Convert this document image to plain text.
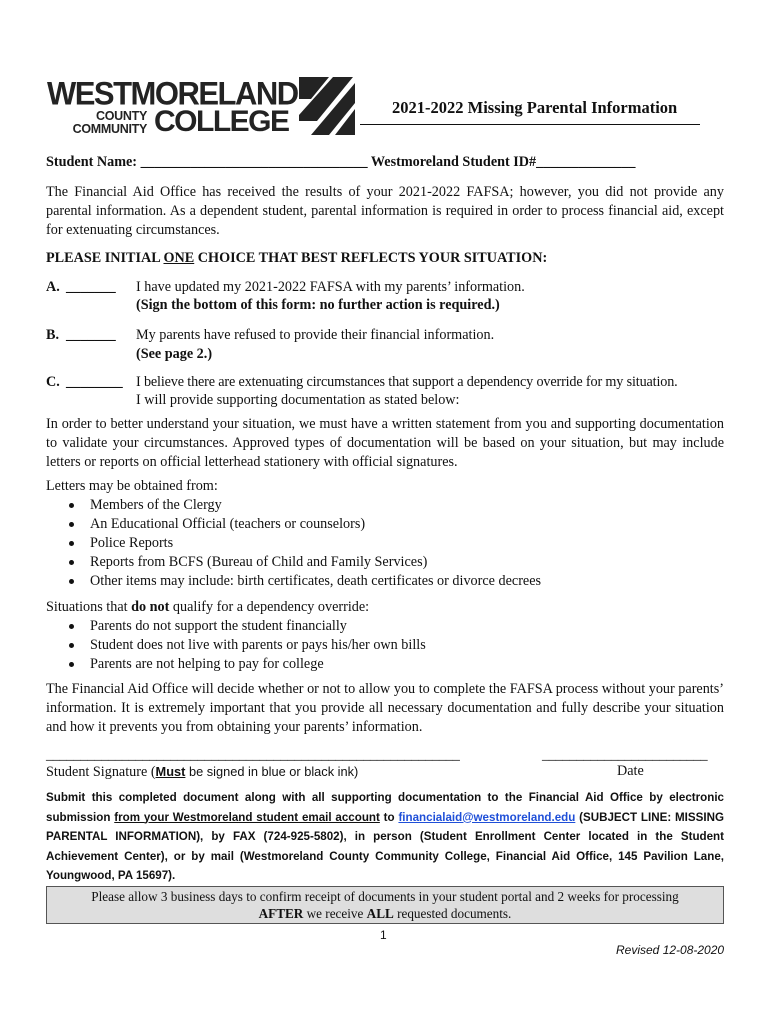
WESTMORELAND
COUNTY
COMMUNITY COLLEGE	2021-2022 Missing Parental Information
Student Name: ________________________________ Westmoreland Student ID#______________
The Financial Aid Office has received the results of your 2021-2022 FAFSA; however, you did not provide any parental information. As a dependent student, parental information is required in order to process financial aid, except for extenuating circumstances.
PLEASE INITIAL ONE CHOICE THAT BEST REFLECTS YOUR SITUATION:
A. _______ I have updated my 2021-2022 FAFSA with my parents’ information.
(Sign the bottom of this form: no further action is required.)
B. _______ My parents have refused to provide their financial information.
(See page 2.)
C. ________ I believe there are extenuating circumstances that support a dependency override for my situation.
I will provide supporting documentation as stated below:
In order to better understand your situation, we must have a written statement from you and supporting documentation to validate your circumstances. Approved types of documentation will be based on your situation, but may include letters or reports on official letterhead stationery with official signatures.
Letters may be obtained from:
Members of the Clergy
An Educational Official (teachers or counselors)
Police Reports
Reports from BCFS (Bureau of Child and Family Services)
Other items may include: birth certificates, death certificates or divorce decrees
Situations that do not qualify for a dependency override:
Parents do not support the student financially
Student does not live with parents or pays his/her own bills
Parents are not helping to pay for college
The Financial Aid Office will decide whether or not to allow you to complete the FAFSA process without your parents’ information. It is extremely important that you provide all necessary documentation and fully describe your situation and how it prevents you from obtaining your parents’ information.
____________________________________________________________	________________________
Student Signature (Must be signed in blue or black ink)	Date
Submit this completed document along with all supporting documentation to the Financial Aid Office by electronic submission from your Westmoreland student email account to financialaid@westmoreland.edu (SUBJECT LINE: MISSING PARENTAL INFORMATION), by FAX (724-925-5802), in person (Student Enrollment Center located in the Student Achievement Center), or by mail (Westmoreland County Community College, Financial Aid Office, 145 Pavilion Lane, Youngwood, PA 15697).
Please allow 3 business days to confirm receipt of documents in your student portal and 2 weeks for processing
AFTER we receive ALL requested documents.
1
Revised 12-08-2020
